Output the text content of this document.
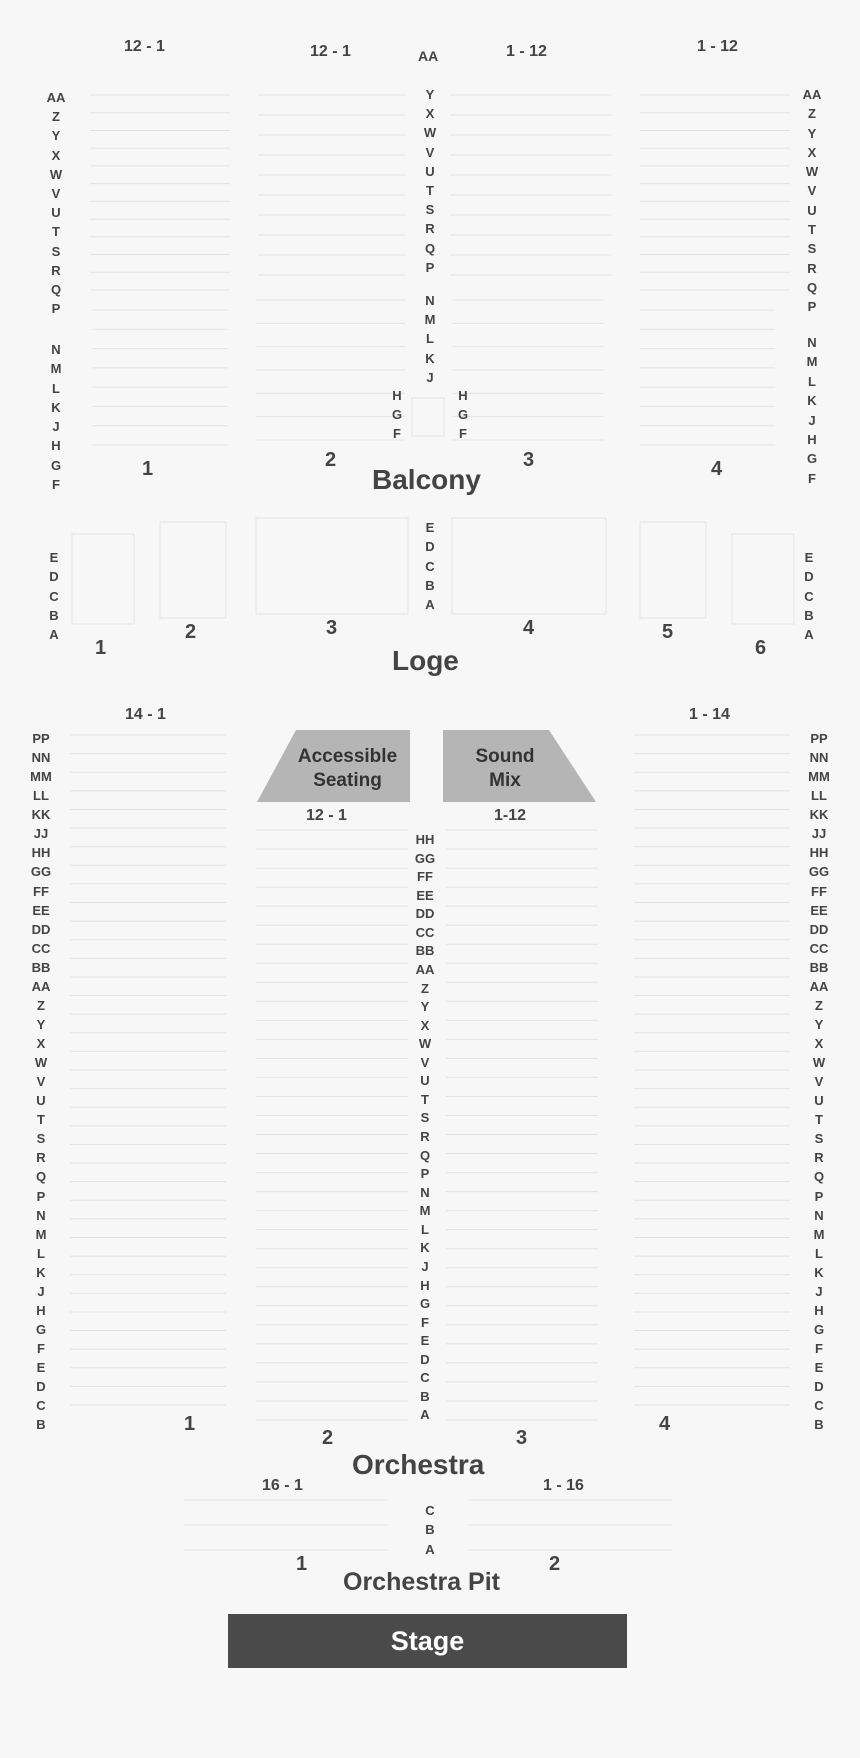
12 - 1	12 - 1	AA	1 - 12	1 - 12
AA
Z
Y
X
W
V
U
T
S
R
Q
P
N
M
L
K
J
H
G
F
AA
Z
Y
X
W
V
U
T
S
R
Q
P
N
M
L
K
J
H
G
F
Y
X
W
V
U
T
S
R
Q
P
N
M
L
K
J
H
G
F
H
G
F
1	2	3	4
Balcony
E
D
C
B
A
E
D
C
B
A
E
D
C
B
A
1
2	3	4	5
6
Loge
14 - 1
12 - 1	1-12
1 - 14
Accessible
Seating
Sound
Mix
PP
NN
MM
LL
KK
JJ
HH
GG
FF
EE
DD
CC
BB
AA
Z
Y
X
W
V
U
T
S
R
Q
P
N
M
L
K
J
H
G
F
E
D
C
B
PP
NN
MM
LL
KK
JJ
HH
GG
FF
EE
DD
CC
BB
AA
Z
Y
X
W
V
U
T
S
R
Q
P
N
M
L
K
J
H
G
F
E
D
C
B
HH
GG
FF
EE
DD
CC
BB
AA
Z
Y
X
W
V
U
T
S
R
Q
P
N
M
L
K
J
H
G
F
E
D
C
B
A
1
2	3
4
Orchestra
16 - 1	1 - 16
C
B
A
1	2
Orchestra Pit
Stage
